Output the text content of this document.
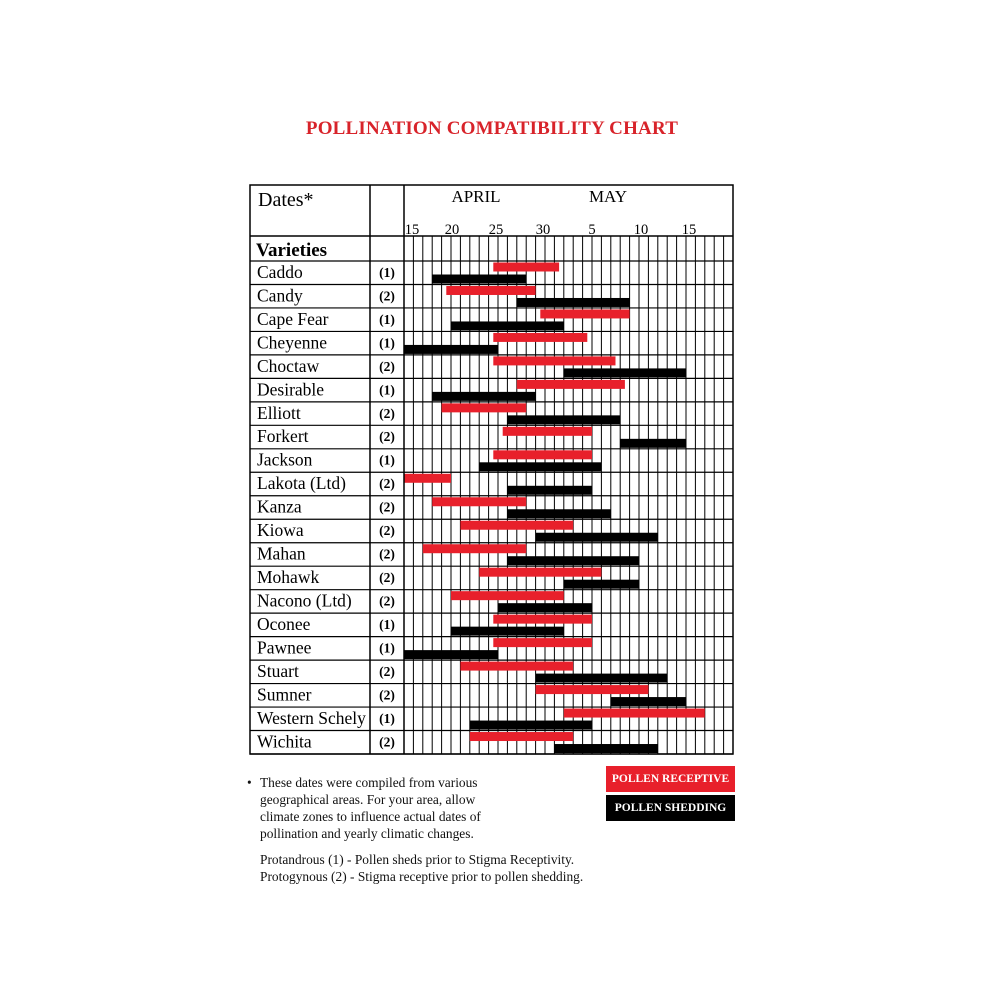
POLLINATION COMPATIBILITY CHART
Dates*
Varieties
APRIL	MAY
15 20 25 30	5	10 15
Caddo	(1)
Candy	(2)
Cape Fear	(1)
Cheyenne	(1)
Choctaw	(2)
Desirable	(1)
Elliott	(2)
Forkert	(2)
Jackson	(1)
Lakota (Ltd) (2)
Kanza	(2)
Kiowa	(2)
Mahan	(2)
Mohawk	(2)
Nacono (Ltd) (2)
Oconee	(1)
Pawnee	(1)
Stuart	(2)
Sumner	(2)
Western Schely (1)
Wichita	(2)
• These dates were compiled from various
geographical areas. For your area, allow
climate zones to influence actual dates of
pollination and yearly climatic changes.
Protandrous (1) - Pollen sheds prior to Stigma Receptivity.
Protogynous (2) - Stigma receptive prior to pollen shedding.
POLLEN RECEPTIVE
POLLEN SHEDDING
